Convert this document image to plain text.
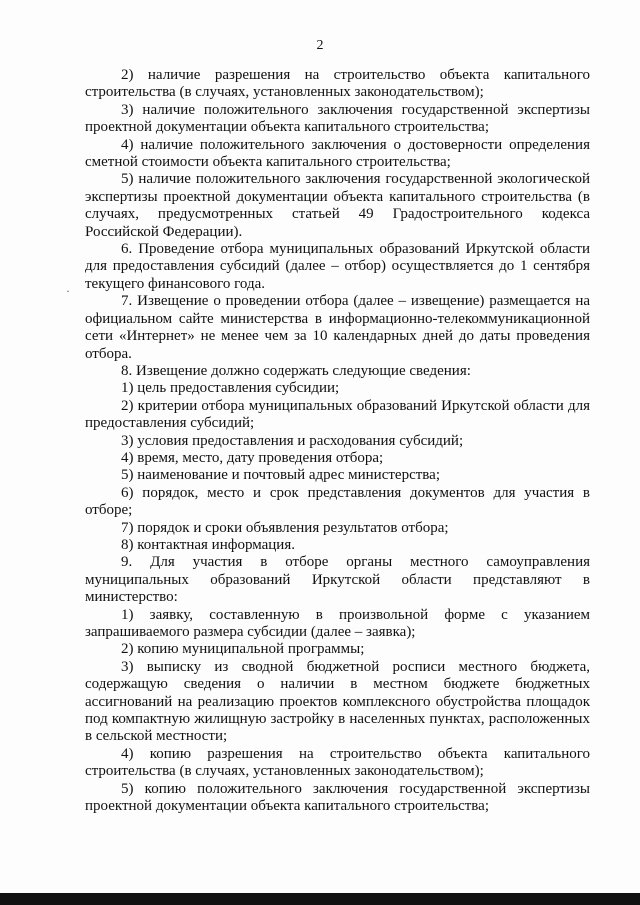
2
·

2) наличие разрешения на строительство объекта капитального строительства (в случаях, установленных законодательством);

3) наличие положительного заключения государственной экспертизы проектной документации объекта капитального строительства;

4) наличие положительного заключения о достоверности определения сметной стоимости объекта капитального строительства;

5) наличие положительного заключения государственной экологической экспертизы проектной документации объекта капитального строительства (в случаях, предусмотренных статьей 49 Градостроительного кодекса Российской Федерации).

6. Проведение отбора муниципальных образований Иркутской области для предоставления субсидий (далее – отбор) осуществляется до 1 сентября текущего финансового года.

7. Извещение о проведении отбора (далее – извещение) размещается на официальном сайте министерства в информационно-телекоммуникационной сети «Интернет» не менее чем за 10 календарных дней до даты проведения отбора.

8. Извещение должно содержать следующие сведения:

1) цель предоставления субсидии;

2) критерии отбора муниципальных образований Иркутской области для предоставления субсидий;

3) условия предоставления и расходования субсидий;

4) время, место, дату проведения отбора;

5) наименование и почтовый адрес министерства;

6) порядок, место и срок представления документов для участия в отборе;

7) порядок и сроки объявления результатов отбора;

8) контактная информация.

9. Для участия в отборе органы местного самоуправления муниципальных образований Иркутской области представляют в министерство:

1) заявку, составленную в произвольной форме с указанием запрашиваемого размера субсидии (далее – заявка);

2) копию муниципальной программы;

3) выписку из сводной бюджетной росписи местного бюджета, содержащую сведения о наличии в местном бюджете бюджетных ассигнований на реализацию проектов комплексного обустройства площадок под компактную жилищную застройку в населенных пунктах, расположенных в сельской местности;

4) копию разрешения на строительство объекта капитального строительства (в случаях, установленных законодательством);

5) копию положительного заключения государственной экспертизы проектной документации объекта капитального строительства;
